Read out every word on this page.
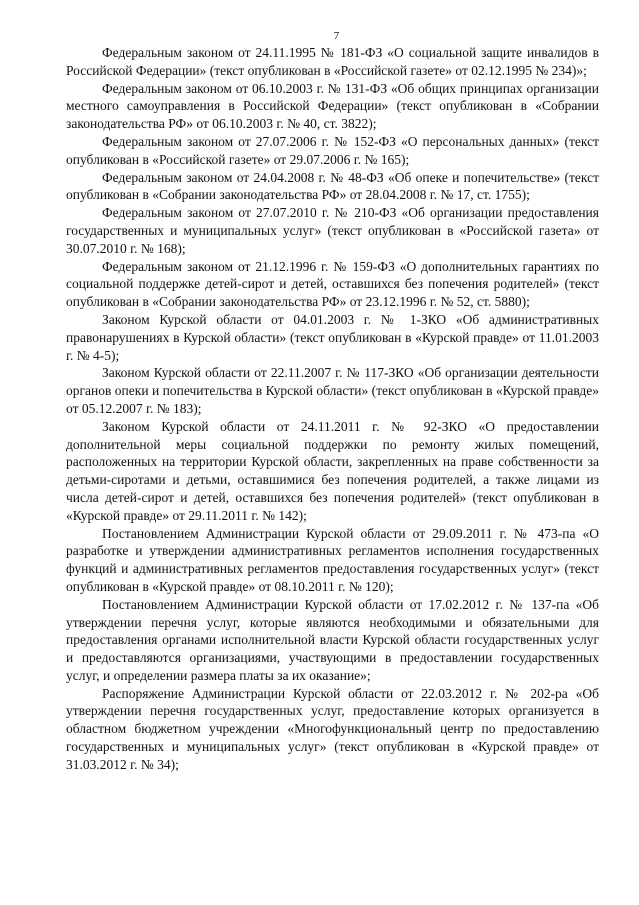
7

Федеральным законом от 24.11.1995 № 181-ФЗ «О социальной защите инвалидов в Российской Федерации» (текст опубликован в «Российской газете» от 02.12.1995 № 234)»;

Федеральным законом от 06.10.2003 г. № 131-ФЗ «Об общих принципах организации местного самоуправления в Российской Федерации» (текст опубликован в «Собрании законодательства РФ» от 06.10.2003 г. № 40, ст. 3822);

Федеральным законом от 27.07.2006 г. № 152-ФЗ «О персональных данных» (текст опубликован в «Российской газете» от 29.07.2006 г. № 165);

Федеральным законом от 24.04.2008 г. № 48-ФЗ «Об опеке и попечительстве» (текст опубликован в «Собрании законодательства РФ» от 28.04.2008 г. № 17, ст. 1755);

Федеральным законом от 27.07.2010 г. № 210-ФЗ «Об организации предоставления государственных и муниципальных услуг» (текст опубликован в «Российской газета» от 30.07.2010 г. № 168);

Федеральным законом от 21.12.1996 г. № 159-ФЗ «О дополнительных гарантиях по социальной поддержке детей-сирот и детей, оставшихся без попечения родителей» (текст опубликован в «Собрании законодательства РФ» от 23.12.1996 г. № 52, ст. 5880);

Законом Курской области от 04.01.2003 г. № 1-ЗКО «Об административных правонарушениях в Курской области» (текст опубликован в «Курской правде» от 11.01.2003 г. № 4-5);

Законом Курской области от 22.11.2007 г. № 117-ЗКО «Об организации деятельности органов опеки и попечительства в Курской области» (текст опубликован в «Курской правде» от 05.12.2007 г. № 183);

Законом Курской области от 24.11.2011 г. № 92-ЗКО «О предоставлении дополнительной меры социальной поддержки по ремонту жилых помещений, расположенных на территории Курской области, закрепленных на праве собственности за детьми-сиротами и детьми, оставшимися без попечения родителей, а также лицами из числа детей-сирот и детей, оставшихся без попечения родителей» (текст опубликован в «Курской правде» от 29.11.2011 г. № 142);

Постановлением Администрации Курской области от 29.09.2011 г. № 473-па «О разработке и утверждении административных регламентов исполнения государственных функций и административных регламентов предоставления государственных услуг» (текст опубликован в «Курской правде» от 08.10.2011 г. № 120);

Постановлением Администрации Курской области от 17.02.2012 г. № 137-па «Об утверждении перечня услуг, которые являются необходимыми и обязательными для предоставления органами исполнительной власти Курской области государственных услуг и предоставляются организациями, участвующими в предоставлении государственных услуг, и определении размера платы за их оказание»;

Распоряжение Администрации Курской области от 22.03.2012 г. № 202-ра «Об утверждении перечня государственных услуг, предоставление которых организуется в областном бюджетном учреждении «Многофункциональный центр по предоставлению государственных и муниципальных услуг» (текст опубликован в «Курской правде» от 31.03.2012 г. № 34);
